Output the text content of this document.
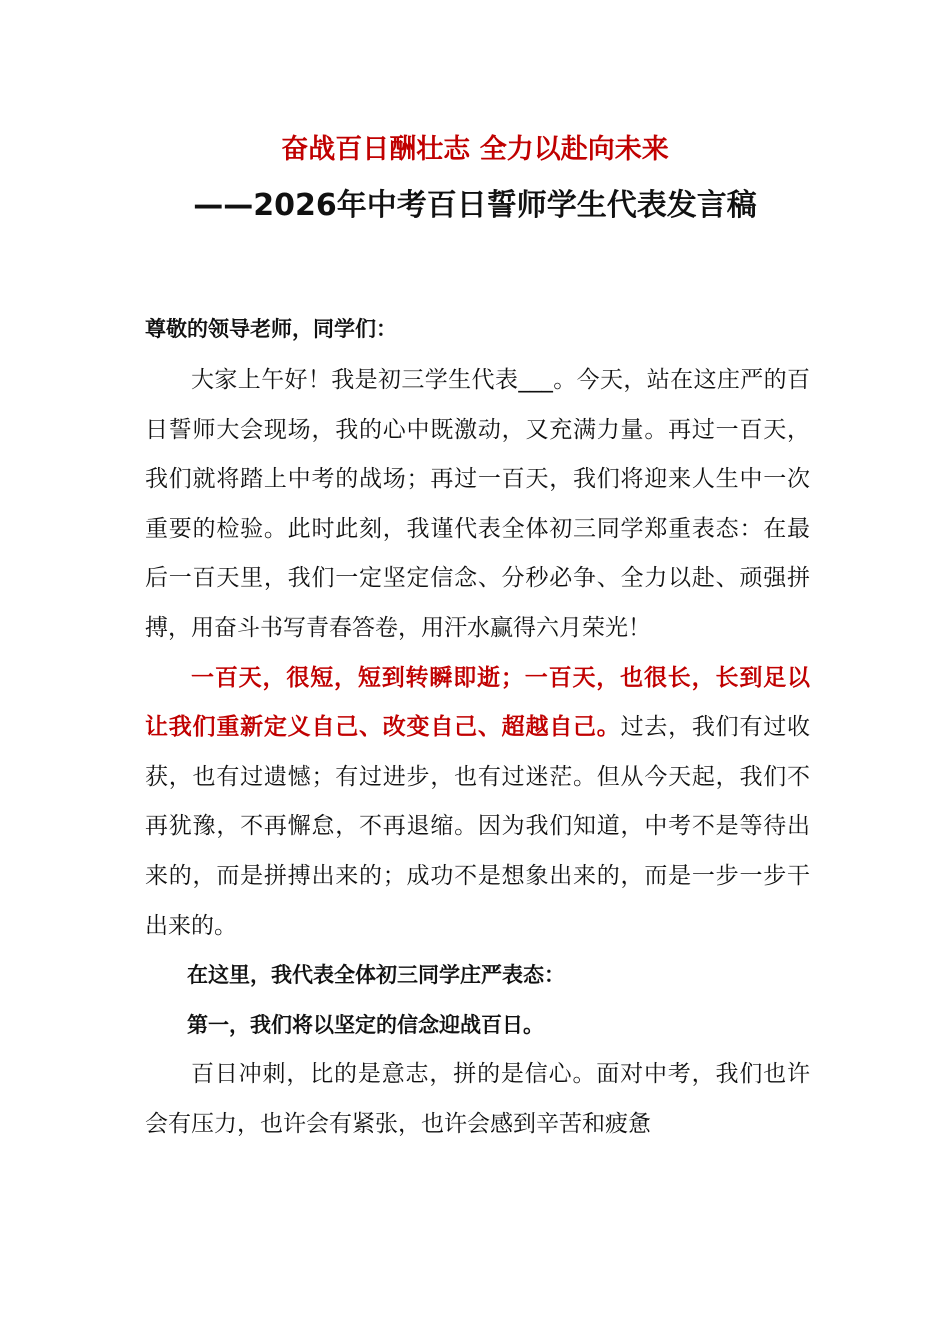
奋战百日酬壮志 全力以赴向未来
——2026年中考百日誓师学生代表发言稿

尊敬的领导老师，同学们：

大家上午好！我是初三学生代表___。今天，站在这庄严的百日誓师大会现场，我的心中既激动，又充满力量。再过一百天，我们就将踏上中考的战场；再过一百天，我们将迎来人生中一次重要的检验。此时此刻，我谨代表全体初三同学郑重表态：在最后一百天里，我们一定坚定信念、分秒必争、全力以赴、顽强拼搏，用奋斗书写青春答卷，用汗水赢得六月荣光！

一百天，很短，短到转瞬即逝；一百天，也很长，长到足以让我们重新定义自己、改变自己、超越自己。过去，我们有过收获，也有过遗憾；有过进步，也有过迷茫。但从今天起，我们不再犹豫，不再懈怠，不再退缩。因为我们知道，中考不是等待出来的，而是拼搏出来的；成功不是想象出来的，而是一步一步干出来的。

在这里，我代表全体初三同学庄严表态：

第一，我们将以坚定的信念迎战百日。

百日冲刺，比的是意志，拼的是信心。面对中考，我们也许会有压力，也许会有紧张，也许会感到辛苦和疲惫
